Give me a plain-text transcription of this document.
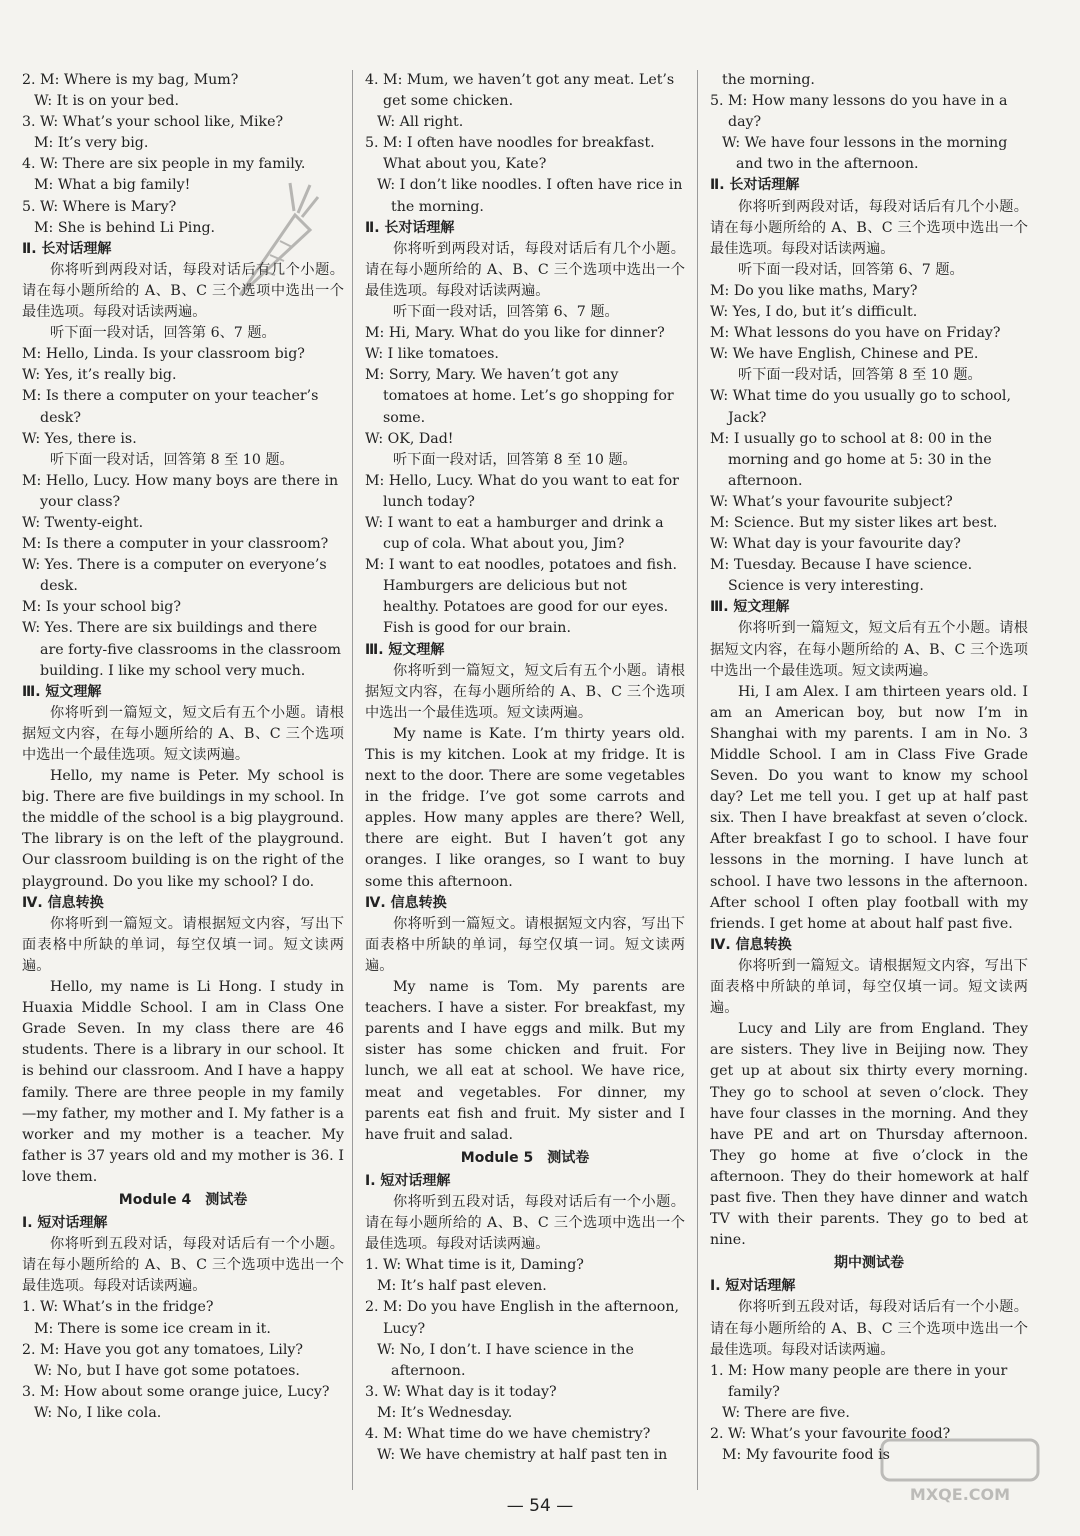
2. M: Where is my bag, Mum?

W: It is on your bed.

3. W: What’s your school like, Mike?

M: It’s very big.

4. W: There are six people in my family.

M: What a big family!

5. W: Where is Mary?

M: She is behind Li Ping.

Ⅱ. 长对话理解

你将听到两段对话，每段对话后有几个小题。请在每小题所给的 A、B、C 三个选项中选出一个最佳选项。每段对话读两遍。

听下面一段对话，回答第 6、7 题。

M: Hello, Linda. Is your classroom big?

W: Yes, it’s really big.

M: Is there a computer on your teacher’s desk?

W: Yes, there is.

听下面一段对话，回答第 8 至 10 题。

M: Hello, Lucy. How many boys are there in your class?

W: Twenty-eight.

M: Is there a computer in your classroom?

W: Yes. There is a computer on everyone’s desk.

M: Is your school big?

W: Yes. There are six buildings and there are forty-five classrooms in the classroom building. I like my school very much.

Ⅲ. 短文理解

你将听到一篇短文，短文后有五个小题。请根据短文内容，在每小题所给的 A、B、C 三个选项中选出一个最佳选项。短文读两遍。

Hello, my name is Peter. My school is big. There are five buildings in my school. In the middle of the school is a big playground. The library is on the left of the playground. Our classroom building is on the right of the playground. Do you like my school? I do.

Ⅳ. 信息转换

你将听到一篇短文。请根据短文内容，写出下面表格中所缺的单词，每空仅填一词。短文读两遍。

Hello, my name is Li Hong. I study in Huaxia Middle School. I am in Class One Grade Seven. In my class there are 46 students. There is a library in our school. It is behind our classroom. And I have a happy family. There are three people in my family—my father, my mother and I. My father is a worker and my mother is a teacher. My father is 37 years old and my mother is 36. I love them.

Module 4　测试卷

Ⅰ. 短对话理解

你将听到五段对话，每段对话后有一个小题。请在每小题所给的 A、B、C 三个选项中选出一个最佳选项。每段对话读两遍。

1. W: What’s in the fridge?

M: There is some ice cream in it.

2. M: Have you got any tomatoes, Lily?

W: No, but I have got some potatoes.

3. M: How about some orange juice, Lucy?

W: No, I like cola.

4. M: Mum, we haven’t got any meat. Let’s get some chicken.

W: All right.

5. M: I often have noodles for breakfast. What about you, Kate?

W: I don’t like noodles. I often have rice in the morning.

Ⅱ. 长对话理解

你将听到两段对话，每段对话后有几个小题。请在每小题所给的 A、B、C 三个选项中选出一个最佳选项。每段对话读两遍。

听下面一段对话，回答第 6、7 题。

M: Hi, Mary. What do you like for dinner?

W: I like tomatoes.

M: Sorry, Mary. We haven’t got any tomatoes at home. Let’s go shopping for some.

W: OK, Dad!

听下面一段对话，回答第 8 至 10 题。

M: Hello, Lucy. What do you want to eat for lunch today?

W: I want to eat a hamburger and drink a cup of cola. What about you, Jim?

M: I want to eat noodles, potatoes and fish. Hamburgers are delicious but not healthy. Potatoes are good for our eyes. Fish is good for our brain.

Ⅲ. 短文理解

你将听到一篇短文，短文后有五个小题。请根据短文内容，在每小题所给的 A、B、C 三个选项中选出一个最佳选项。短文读两遍。

My name is Kate. I’m thirty years old. This is my kitchen. Look at my fridge. It is next to the door. There are some vegetables in the fridge. I’ve got some carrots and apples. How many apples are there? Well, there are eight. But I haven’t got any oranges. I like oranges, so I want to buy some this afternoon.

Ⅳ. 信息转换

你将听到一篇短文。请根据短文内容，写出下面表格中所缺的单词，每空仅填一词。短文读两遍。

My name is Tom. My parents are teachers. I have a sister. For breakfast, my parents and I have eggs and milk. But my sister has some chicken and fruit. For lunch, we all eat at school. We have rice, meat and vegetables. For dinner, my parents eat fish and fruit. My sister and I have fruit and salad.

Module 5　测试卷

Ⅰ. 短对话理解

你将听到五段对话，每段对话后有一个小题。请在每小题所给的 A、B、C 三个选项中选出一个最佳选项。每段对话读两遍。

1. W: What time is it, Daming?

M: It’s half past eleven.

2. M: Do you have English in the afternoon, Lucy?

W: No, I don’t. I have science in the afternoon.

3. W: What day is it today?

M: It’s Wednesday.

4. M: What time do we have chemistry?

W: We have chemistry at half past ten in

the morning.

5. M: How many lessons do you have in a day?

W: We have four lessons in the morning and two in the afternoon.

Ⅱ. 长对话理解

你将听到两段对话，每段对话后有几个小题。请在每小题所给的 A、B、C 三个选项中选出一个最佳选项。每段对话读两遍。

听下面一段对话，回答第 6、7 题。

M: Do you like maths, Mary?

W: Yes, I do, but it’s difficult.

M: What lessons do you have on Friday?

W: We have English, Chinese and PE.

听下面一段对话，回答第 8 至 10 题。

W: What time do you usually go to school, Jack?

M: I usually go to school at 8: 00 in the morning and go home at 5: 30 in the afternoon.

W: What’s your favourite subject?

M: Science. But my sister likes art best.

W: What day is your favourite day?

M: Tuesday. Because I have science. Science is very interesting.

Ⅲ. 短文理解

你将听到一篇短文，短文后有五个小题。请根据短文内容，在每小题所给的 A、B、C 三个选项中选出一个最佳选项。短文读两遍。

Hi, I am Alex. I am thirteen years old. I am an American boy, but now I’m in Shanghai with my parents. I am in No. 3 Middle School. I am in Class Five Grade Seven. Do you want to know my school day? Let me tell you. I get up at half past six. Then I have breakfast at seven o’clock. After breakfast I go to school. I have four lessons in the morning. I have lunch at school. I have two lessons in the afternoon. After school I often play football with my friends. I get home at about half past five.

Ⅳ. 信息转换

你将听到一篇短文。请根据短文内容，写出下面表格中所缺的单词，每空仅填一词。短文读两遍。

Lucy and Lily are from England. They are sisters. They live in Beijing now. They get up at about six thirty every morning. They go to school at seven o’clock. They have four classes in the morning. And they have PE and art on Thursday afternoon. They go home at five o’clock in the afternoon. They do their homework at half past five. Then they have dinner and watch TV with their parents. They go to bed at nine.

期中测试卷

Ⅰ. 短对话理解

你将听到五段对话，每段对话后有一个小题。请在每小题所给的 A、B、C 三个选项中选出一个最佳选项。每段对话读两遍。

1. M: How many people are there in your family?

W: There are five.

2. W: What’s your favourite food?

M: My favourite food is

— 54 —
MXQE.COM
